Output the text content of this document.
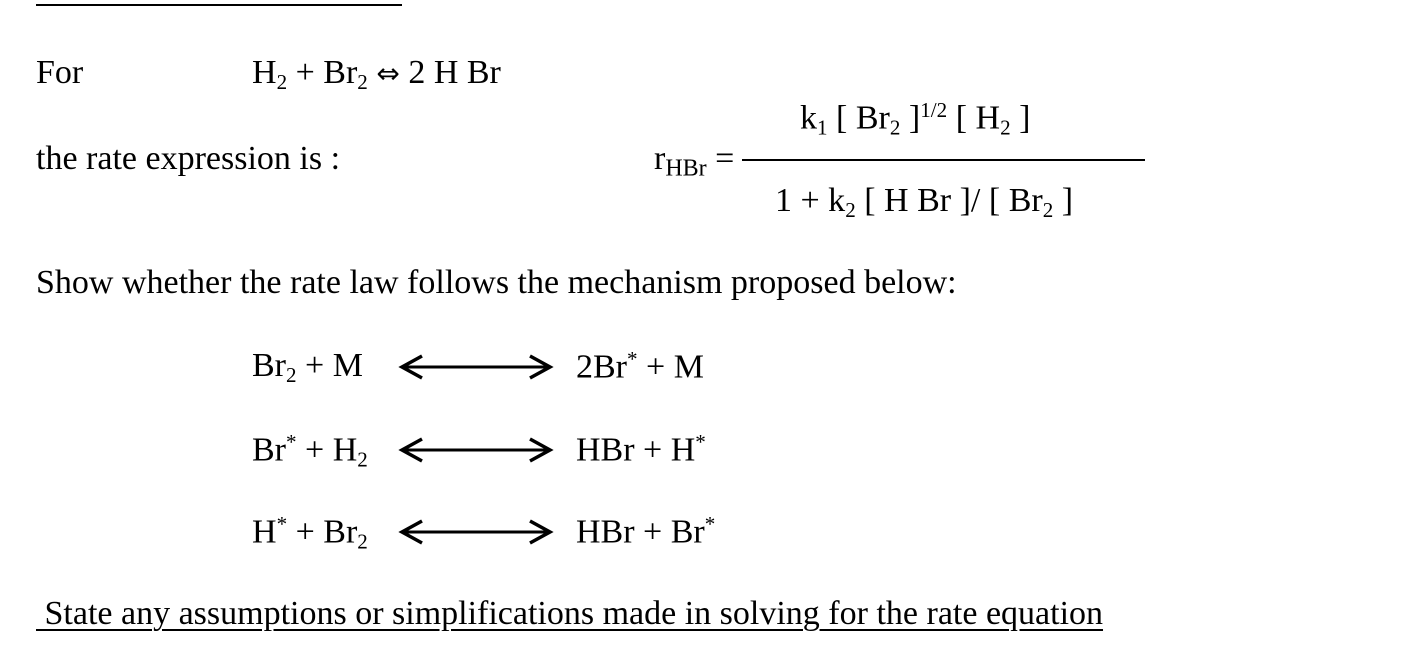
For	$H_2 + Br_2$ ⇔ 2 H Br
the rate expression is :
$k_1$ [ $Br_2$ ]$^{1/2}$ [ $H_2$ ]
$r_{HBr}$ =
$1 + k_2$ [ H Br ]/ [ $Br_2$ ]
Show whether the rate law follows the mechanism proposed below:
$Br_2 + M$	2Br* + M
$Br^* + H_2$	HBr + H*
$H^* + Br_2$	HBr + Br*
State any assumptions or simplifications made in solving for the rate equation
